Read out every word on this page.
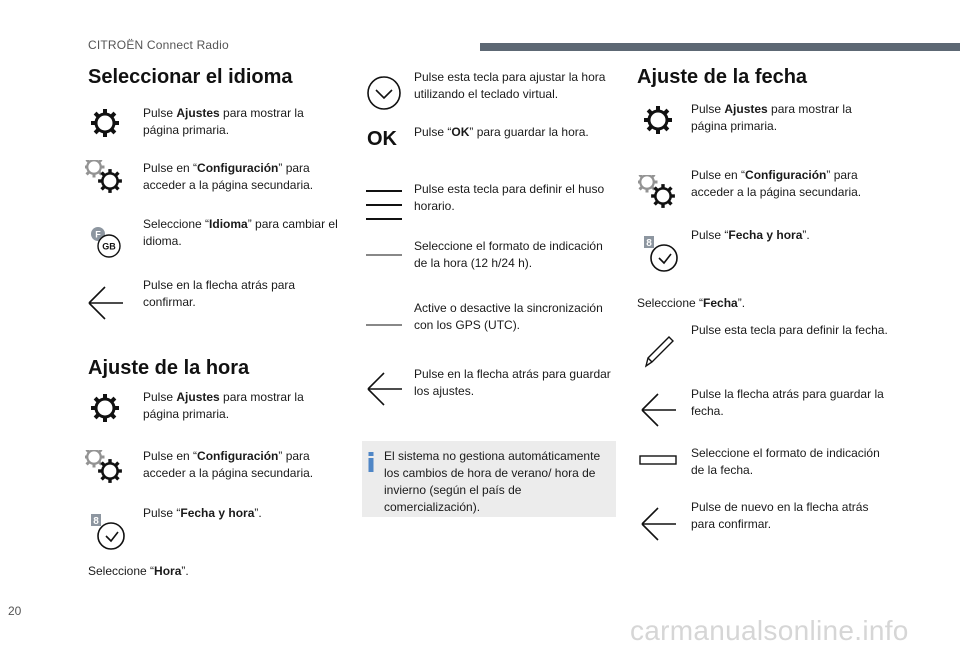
CITROËN Connect Radio
Seleccionar el idioma
Pulse Ajustes para mostrar la página primaria.
Pulse en “Configuración” para acceder a la página secundaria.
F
GB
Seleccione “Idioma” para cambiar el idioma.
Pulse en la flecha atrás para confirmar.
Ajuste de la hora
Pulse Ajustes para mostrar la página primaria.
Pulse en “Configuración” para acceder a la página secundaria.
8
Pulse “Fecha y hora”.
Seleccione “Hora”.
Pulse esta tecla para ajustar la hora utilizando el teclado virtual.
OK Pulse “OK” para guardar la hora.
Pulse esta tecla para definir el huso horario.
Seleccione el formato de indicación de la hora (12 h/24 h).
Active o desactive la sincronización con los GPS (UTC).
Pulse en la flecha atrás para guardar los ajustes.
El sistema no gestiona automáticamente los cambios de hora de verano/ hora de invierno (según el país de comercialización).
Ajuste de la fecha
Pulse Ajustes para mostrar la página primaria.
Pulse en “Configuración” para acceder a la página secundaria.
8
Pulse “Fecha y hora”.
Seleccione “Fecha”.
Pulse esta tecla para definir la fecha.
Pulse la flecha atrás para guardar la fecha.
Seleccione el formato de indicación de la fecha.
Pulse de nuevo en la flecha atrás para confirmar.
20
carmanualsonline.info
